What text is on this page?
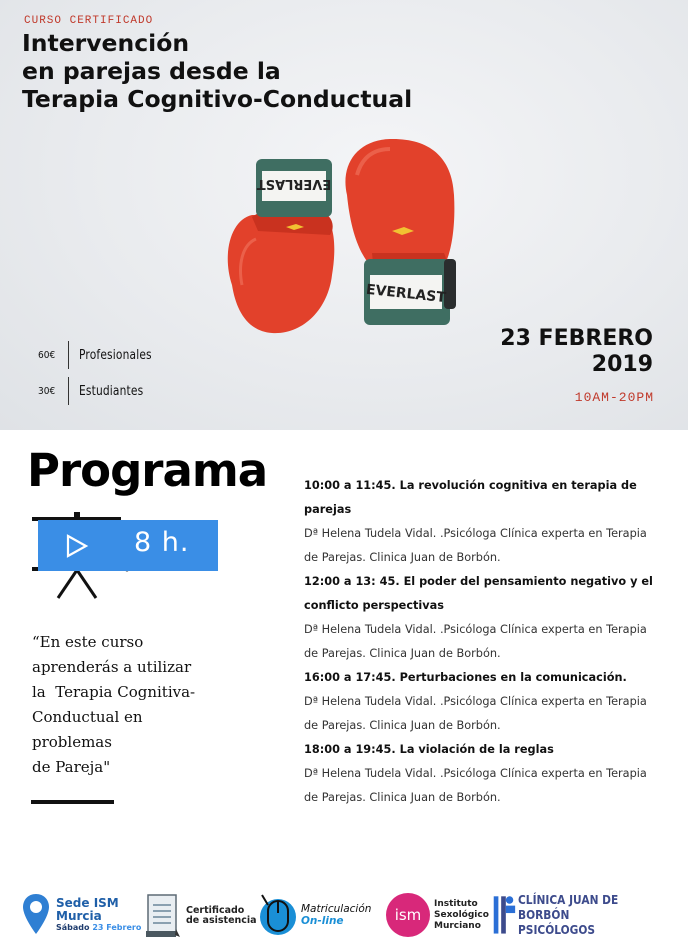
CURSO CERTIFICADO
Intervención
en parejas desde la
Terapia Cognitivo-Conductual
EVERLAST
EVERLAST
60€	Profesionales
30€	Estudiantes
23 FEBRERO
2019
10AM-20PM
Programa
8 h.
“En este curso
aprenderás a utilizar
la  Terapia Cognitiva-
Conductual en
problemas
de Pareja"
10:00 a 11:45. La revolución cognitiva en terapia de parejas
Dª Helena Tudela Vidal. .Psicóloga Clínica experta en Terapia
de Parejas. Clinica Juan de Borbón.
12:00 a 13: 45. El poder del pensamiento negativo y el
conflicto perspectivas
Dª Helena Tudela Vidal. .Psicóloga Clínica experta en Terapia
de Parejas. Clinica Juan de Borbón.
16:00 a 17:45. Perturbaciones en la comunicación.
Dª Helena Tudela Vidal. .Psicóloga Clínica experta en Terapia
de Parejas. Clinica Juan de Borbón.
18:00 a 19:45. La violación de la reglas
Dª Helena Tudela Vidal. .Psicóloga Clínica experta en Terapia
de Parejas. Clinica Juan de Borbón.
Sede ISM
Murcia
Sábado 23 Febrero
Certificado
de asistencia
Matriculación
On-line	ism
Instituto
Sexológico
Murciano
CLÍNICA JUAN DE BORBÓN
PSICÓLOGOS
